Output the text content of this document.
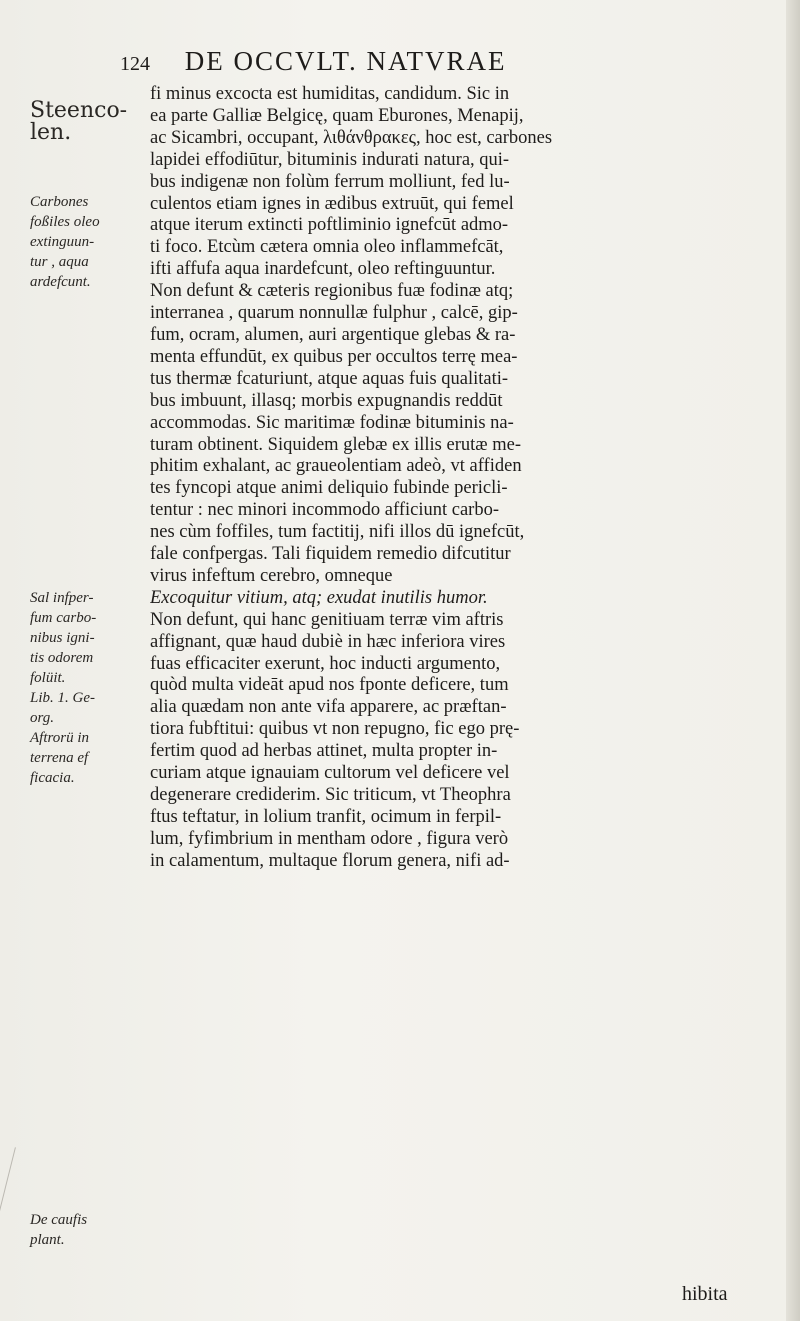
124 DE OCCVLT. NATVRAE
fi minus excocta est humiditas, candidum. Sic in
ea parte Galliæ Belgicę, quam Eburones, Menapij,
ac Sicambri, occupant, λιθάνθρακες, hoc est, carbones
lapidei effodiūtur, bituminis indurati natura, qui-
bus indigenæ non folùm ferrum molliunt, fed lu-
culentos etiam ignes in ædibus extruūt, qui femel
atque iterum extincti poftliminio ignefcūt admo-
ti foco. Etcùm cætera omnia oleo inflammefcāt,
ifti affufa aqua inardefcunt, oleo reftinguuntur.
Non defunt & cæteris regionibus fuæ fodinæ atq;
interranea , quarum nonnullæ fulphur , calcē, gip-
fum, ocram, alumen, auri argentique glebas & ra-
menta effundūt, ex quibus per occultos terrę mea-
tus thermæ fcaturiunt, atque aquas fuis qualitati-
bus imbuunt, illasq; morbis expugnandis reddūt
accommodas. Sic maritimæ fodinæ bituminis na-
turam obtinent. Siquidem glebæ ex illis erutæ me-
phitim exhalant, ac graueolentiam adeò, vt affiden
tes fyncopi atque animi deliquio fubinde pericli-
tentur : nec minori incommodo afficiunt carbo-
nes cùm foffiles, tum factitij, nifi illos dū ignefcūt,
fale confpergas. Tali fiquidem remedio difcutitur
virus infeftum cerebro, omneque
Excoquitur vitium, atq; exudat inutilis humor.
Non defunt, qui hanc genitiuam terræ vim aftris
affignant, quæ haud dubiè in hæc inferiora vires
fuas efficaciter exerunt, hoc inducti argumento,
quòd multa videāt apud nos fponte deficere, tum
alia quædam non ante vifa apparere, ac præftan-
tiora fubftitui: quibus vt non repugno, fic ego prę-
fertim quod ad herbas attinet, multa propter in-
curiam atque ignauiam cultorum vel deficere vel
degenerare crediderim. Sic triticum, vt Theophra
ftus teftatur, in lolium tranfit, ocimum in ferpil-
lum, fyfimbrium in mentham odore , figura verò
in calamentum, multaque florum genera, nifi ad-
Steenco-
len.
Carbones
foßiles oleo
extinguun-
tur , aqua
ardefcunt.
Sal infper-
fum carbo-
nibus igni-
tis odorem
folüit.
Lib. 1. Ge-
org.
Aftrorü in
terrena ef
ficacia.
De caufis
plant.
hibita
